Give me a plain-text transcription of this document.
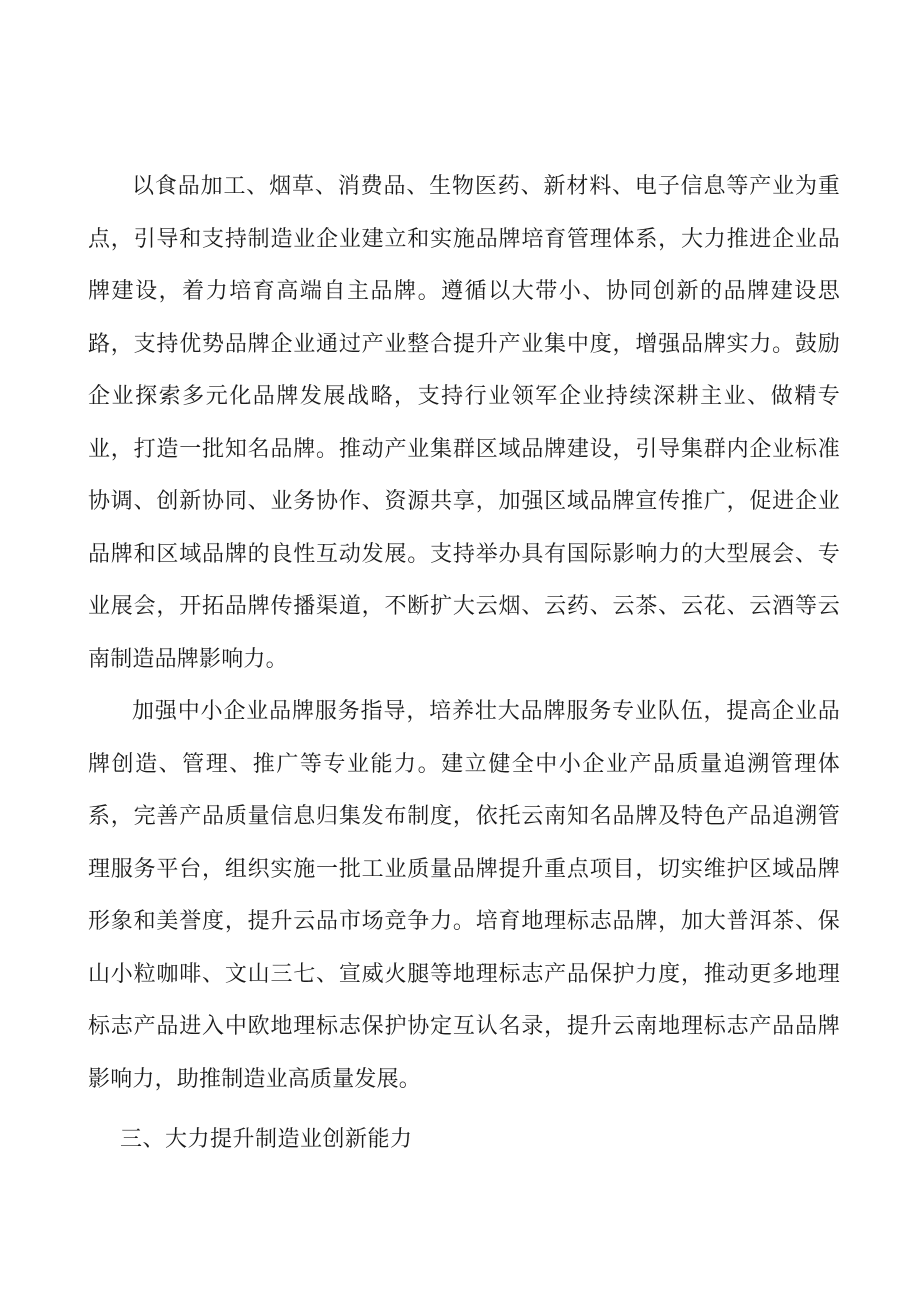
以食品加工、烟草、消费品、生物医药、新材料、电子信息等产业为重点，引导和支持制造业企业建立和实施品牌培育管理体系，大力推进企业品牌建设，着力培育高端自主品牌。遵循以大带小、协同创新的品牌建设思路，支持优势品牌企业通过产业整合提升产业集中度，增强品牌实力。鼓励企业探索多元化品牌发展战略，支持行业领军企业持续深耕主业、做精专业，打造一批知名品牌。推动产业集群区域品牌建设，引导集群内企业标准协调、创新协同、业务协作、资源共享，加强区域品牌宣传推广，促进企业品牌和区域品牌的良性互动发展。支持举办具有国际影响力的大型展会、专业展会，开拓品牌传播渠道，不断扩大云烟、云药、云茶、云花、云酒等云南制造品牌影响力。

加强中小企业品牌服务指导，培养壮大品牌服务专业队伍，提高企业品牌创造、管理、推广等专业能力。建立健全中小企业产品质量追溯管理体系，完善产品质量信息归集发布制度，依托云南知名品牌及特色产品追溯管理服务平台，组织实施一批工业质量品牌提升重点项目，切实维护区域品牌形象和美誉度，提升云品市场竞争力。培育地理标志品牌，加大普洱茶、保山小粒咖啡、文山三七、宣威火腿等地理标志产品保护力度，推动更多地理标志产品进入中欧地理标志保护协定互认名录，提升云南地理标志产品品牌影响力，助推制造业高质量发展。

三、大力提升制造业创新能力
